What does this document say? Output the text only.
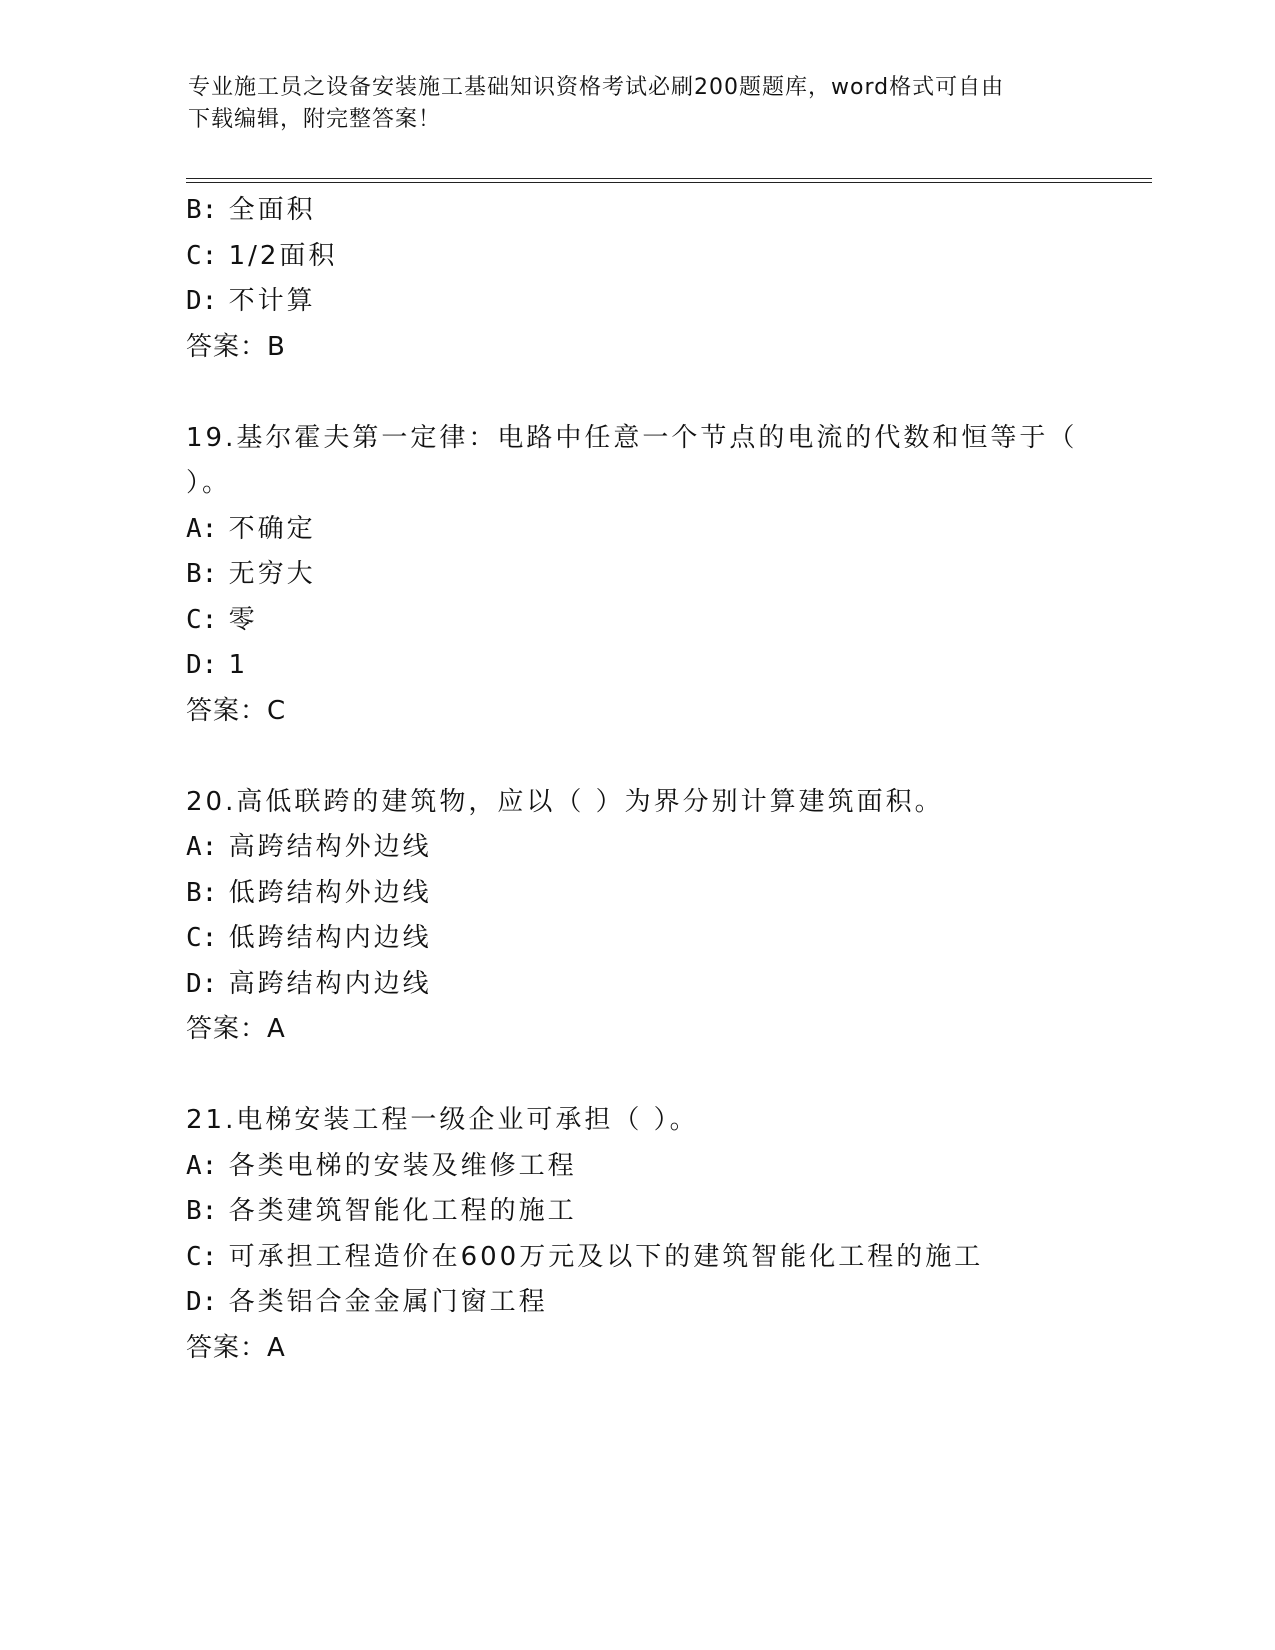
专业施工员之设备安装施工基础知识资格考试必刷200题题库，word格式可自由
下载编辑，附完整答案！
B: 全面积
C: 1/2面积
D: 不计算
答案：B
19.基尔霍夫第一定律：电路中任意一个节点的电流的代数和恒等于（
）。
A: 不确定
B: 无穷大
C: 零
D: 1
答案：C
20.高低联跨的建筑物，应以（ ）为界分别计算建筑面积。
A: 高跨结构外边线
B: 低跨结构外边线
C: 低跨结构内边线
D: 高跨结构内边线
答案：A
21.电梯安装工程一级企业可承担（ ）。
A: 各类电梯的安装及维修工程
B: 各类建筑智能化工程的施工
C: 可承担工程造价在600万元及以下的建筑智能化工程的施工
D: 各类铝合金金属门窗工程
答案：A
